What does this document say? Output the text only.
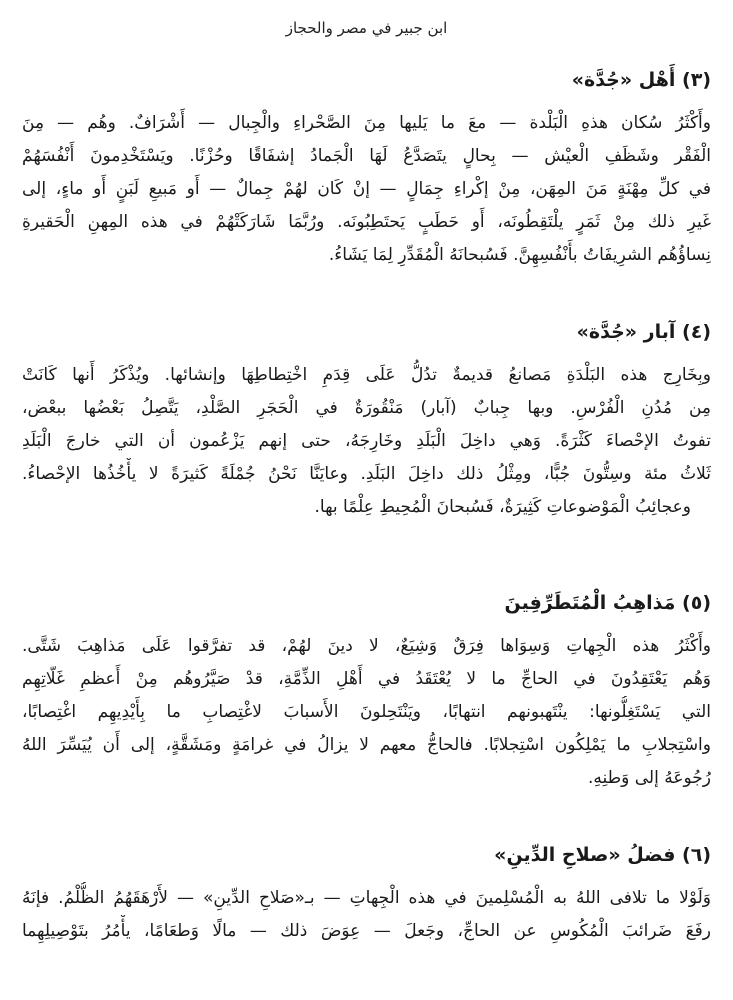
ابن جبير في مصر والحجاز
(٣) أَهْل «جُدَّة»
وأَكْثَرُ سُكان هذهِ الْبَلْدة — معَ ما يَليها مِنَ الصَّحْراءِ والْجِبال — أَشْرَافٌ. وهُم — مِنَ
الْفَقْر وشَظَفِ الْعيْش — بِحالٍ يتَصَدَّعُ لَهَا الْجَمادُ إشفَاقًا وحُزْنًا. ويَسْتَخْدِمونَ أَنْفُسَهُمْ
في كلِّ مِهْنَةٍ مَنَ المِهَن، مِنْ إكْراءِ جِمَالٍ — إنْ كَان لهُمْ جِمالٌ — أَو مَبيعِ لَبَنٍ أَو ماءٍ، إلى
غَيرِ ذلك مِنْ ثَمَرٍ يلْتَقِطُونَه، أَو حَطَبٍ يَحتَطِبُونَه. ورُبَّمَا شَارَكَتْهُمْ في هذه المِهنِ الْحَقيرةِ
نِساؤُهُم الشرِيفَاتُ بأَنْفُسِهِنَّ. فَسُبحانَهُ الْمُقَدِّرِ لِمَا يَشَاءُ.
(٤) آبار «جُدَّة»
وبِخَارِج هذه البَلْدَةِ مَصانعُ قديمةٌ تدُلُّ عَلَى قِدَمِ اخْتِطاطِهَا وإنشائها. ويُذْكَرُ أَنها كَانَتْ
مِن مُدُنِ الْفُرْسِ. وبها جِبابٌ (آبار) مَنْقُورَةٌ في الْحَجَرِ الصَّلْدِ، يَتَّصِلُ بَعْضُها ببعْض،
تفوتُ الإحْصاءَ كَثْرَةً. وَهي داخِلَ الْبَلَدِ وخَارِجَهُ، حتى إنهم يَزْعُمون أن التي خارجَ الْبَلَدِ
ثَلاثُ مئة وسِتُّونَ جُبًّا، ومِثْلُ ذلك داخِلَ البَلَدِ. وعايَنَّا نَحْنُ جُمْلَةً كَثيرَةً لا يأْخُذُها الإحْصاءُ.
وعجائِبُ الْمَوْضوعاتِ كَثِيرَةٌ، فَسُبحانَ الْمُحِيطِ عِلْمًا بها.
(٥) مَذاهِبُ الْمُتَطَرِّفِينَ
وأَكْثَرُ هذه الْجِهاتِ وَسِوَاها فِرَقٌ وَشِيَعٌ، لا دينَ لهُمْ، قد تفرَّقوا عَلَى مَذاهِبَ شَتَّى.
وَهُم يَعْتَقِدُونَ في الحاجِّ ما لا يُعْتَقَدُ في أَهْلِ الذِّمَّةِ، قدْ صَيَّرُوهُم مِنْ أَعظمِ غَلّاتِهِم
التي يَسْتَغِلُّونها: ينْتَهبونهم انتهابًا، ويَنْتَحِلونَ الأَسبابَ لاغْتِصابِ ما بِأَيْدِيهِم اغْتِصابًا،
واسْتِجلابِ ما يَمْلِكُون اسْتِجلابًا. فالحاجُّ معهم لا يزالُ في غرامَةٍ ومَشَقَّةٍ، إلى أَن يُيَسِّرَ اللهُ
رُجُوعَهُ إلى وَطنِهِ.
(٦) فضلُ «صلاحِ الدِّينِ»
وَلَوْلا ما تلافى اللهُ به الْمُسْلِمينَ في هذه الْجِهاتِ — بـ«صَلاحِ الدِّينِ» — لأَرْهَقَهُمُ الظُّلْمُ. فإنَهُ
رفَعَ ضَرائبَ الْمُكُوسِ عن الحاجِّ، وجَعلَ — عِوَضَ ذلك — مالًا وَطعَامًا، يأْمُرُ بتَوْصِيلِهِما
